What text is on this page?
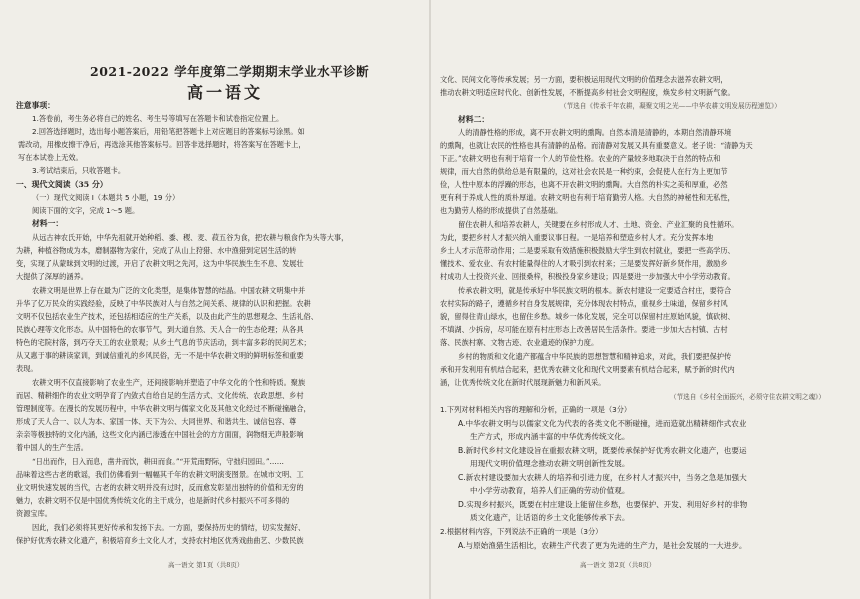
2021-2022 学年度第二学期期末学业水平诊断
高一语文
注意事项：
1.答卷前，考生务必将自己的姓名、考生号等填写在答题卡和试卷指定位置上。
2.回答选择题时，选出每小题答案后，用铅笔把答题卡上对应题目的答案标号涂黑。如
需改动，用橡皮擦干净后，再选涂其他答案标号。回答非选择题时，将答案写在答题卡上，
写在本试卷上无效。
3.考试结束后，只收答题卡。
一、现代文阅读（35 分）
（一）现代文阅读 I（本题共 5 小题，19 分）
阅读下面的文字，完成 1～5 题。
材料一：
从远古神农氏开始，中华先祖就开始种稻、黍、稷、麦、菽五谷为食，把农耕与粮食作为头等大事，
为耕，种植谷物成为本，磨制器物为家什，完成了从山上狩猎、水中渔猎到定居生活的转
变，实现了从蒙昧到文明的过渡，开启了农耕文明之先河，这为中华民族生生不息、发展壮
大提供了深厚的涵养。
农耕文明是世界上存在最为广泛的文化类型，是集体智慧的结晶。中国农耕文明集中并
升华了亿万民众的实践经验，反映了中华民族对人与自然之间关系、规律的认识和把握。农耕
文明不仅包括农业生产技术，还包括相适应的生产关系，以及由此产生的思想观念、生活礼俗、
民族心理等文化形态。从中国特色的农事节气，到大道自然、天人合一的生态伦理；从各具
特色的宅院村落，到巧夺天工的农业景观；从乡土气息的节庆活动，到丰富多彩的民间艺术；
从又惠于事的耕读家训，到诚信重礼的乡风民俗，无一不是中华农耕文明的鲜明标签和重要
表现。
农耕文明不仅直接影响了农业生产，还间接影响并塑造了中华文化的个性和特质。聚族
而居、精耕细作的农业文明孕育了内敛式自给自足的生活方式、文化传统、农政思想、乡村
管理制度等。在漫长的发展历程中，中华农耕文明与儒家文化及其他文化经过不断碰撞融合，
形成了天人合一、以人为本、家国一体、天下为公、大同世界、和谐共生、诚信包容、尊
亲亲等极独特的文化内涵，这些文化内涵已渗透在中国社会的方方面面，润物细无声般影响
着中国人的生产生活。
“日出而作，日入而息，凿井而饮，耕田而食。”“开荒南野际，守拙归园田。”……
品味着这些古老的歌谣，我们仿佛看到一幅幅其千年的农耕文明演变图景。在城市文明、工
业文明快速发展的当代，古老的农耕文明并没有过时，反而愈发彰显出独特的价值和无穷的
魅力，农耕文明不仅是中国优秀传统文化的主干成分，也是新时代乡村振兴不可多得的
资源宝库。
因此，我们必须将其更好传承和发扬下去。一方面，要保持历史的情结，切实发掘好、
保护好优秀农耕文化遗产，积极培育乡土文化人才，支持农村地区优秀戏曲曲艺、少数民族
高一语文 第1页（共8页）
文化、民间文化等传承发展；另一方面，要积极运用现代文明的价值理念去滋养农耕文明，
推动农耕文明适应时代化、创新性发展，不断提高乡村社会文明程度，焕发乡村文明新气象。
（节选自《传承千年农耕，凝聚文明之光——中华农耕文明发展历程速览》）
材料二：
人的清静性格的形成，离不开农耕文明的熏陶。自然本清是清静的，本期自然清静环境
的熏陶，也就让农民的性格也具有清静的品格。而清静对发展又具有重要意义。老子说：“清静为天
下正。”农耕文明也有利于培育一个人的节俭性格。农业的产量较多地取决于自然的特点和
规律，而大自然的供给总是有限量的，这对社会农民是一种约束，会促使人在行为上更加节
俭，人性中原本的浮躁的形态，也离不开农耕文明的熏陶。大自然的朴实之美和厚重，必然
更有利于养成人性的质朴厚道。农耕文明也有利于培育勤劳人格。大自然的神秘性和无私性，
也为勤劳人格的形成提供了自然基础。
留住农耕人和培养农耕人，关键要在乡村形成人才、土地、资金、产业汇聚的良性循环。
为此，要把乡村人才振兴纳入重要议事日程。一是培养和塑造乡村人才。充分发挥本地
乡土人才示范带动作用；二是要采取有效措施积极鼓励大学生到农村就业，要把一些高学历、
懂技术、爱农业、有农村能量得住的人才吸引到农村来；三是要发挥好新乡贤作用，激励乡
村成功人士投资兴业、回报桑梓，积极投身家乡建设；四是要进一步加强大中小学劳动教育。
传承农耕文明，就是传承好中华民族文明的根本。新农村建设一定要适合村庄，要符合
农村实际的路子，遵循乡村自身发展规律，充分体现农村特点，重视乡土味道，保留乡村风
貌，留得住青山绿水，也留住乡愁。城乡一体化发展，完全可以保留村庄原始风貌，慎砍树、
不填湖、少拆房，尽可能在原有村庄形态上改善居民生活条件。要进一步加大古村镇、古村
落、民族村寨、文物古迹、农业遗迹的保护力度。
乡村的物质和文化遗产都蕴含中华民族的思想智慧和精神追求，对此，我们要把保护传
承和开发利用有机结合起来，把优秀农耕文化和现代文明要素有机结合起来，赋予新的时代内
涵，让优秀传统文化在新时代展现新魅力和新风采。
（节选自《乡村全面振兴，必须守住农耕文明之魂》）
1.下列对材料相关内容的理解和分析，正确的一项是（3分）
A.中华农耕文明与以儒家文化为代表的各类文化不断碰撞，进而造就出精耕细作式农业
生产方式，形成内涵丰富的中华优秀传统文化。
B.新时代乡村文化建设旨在重振农耕文明，既要传承保护好优秀农耕文化遗产，也要运
用现代文明价值理念推动农耕文明创新性发展。
C.新农村建设要加大农耕人的培养和引进力度，在乡村人才振兴中，当务之急是加强大
中小学劳动教育，培养人们正确的劳动价值观。
D.实现乡村振兴，既要在村庄建设上能留住乡愁，也要保护、开发、利用好乡村的非物
质文化遗产，让话语的乡土文化能够传承下去。
2.根据材料内容，下列说法不正确的一项是（3分）
A.与原始渔猎生活相比，农耕生产代表了更为先进的生产力，是社会发展的一大进步。
高一语文 第2页（共8页）
